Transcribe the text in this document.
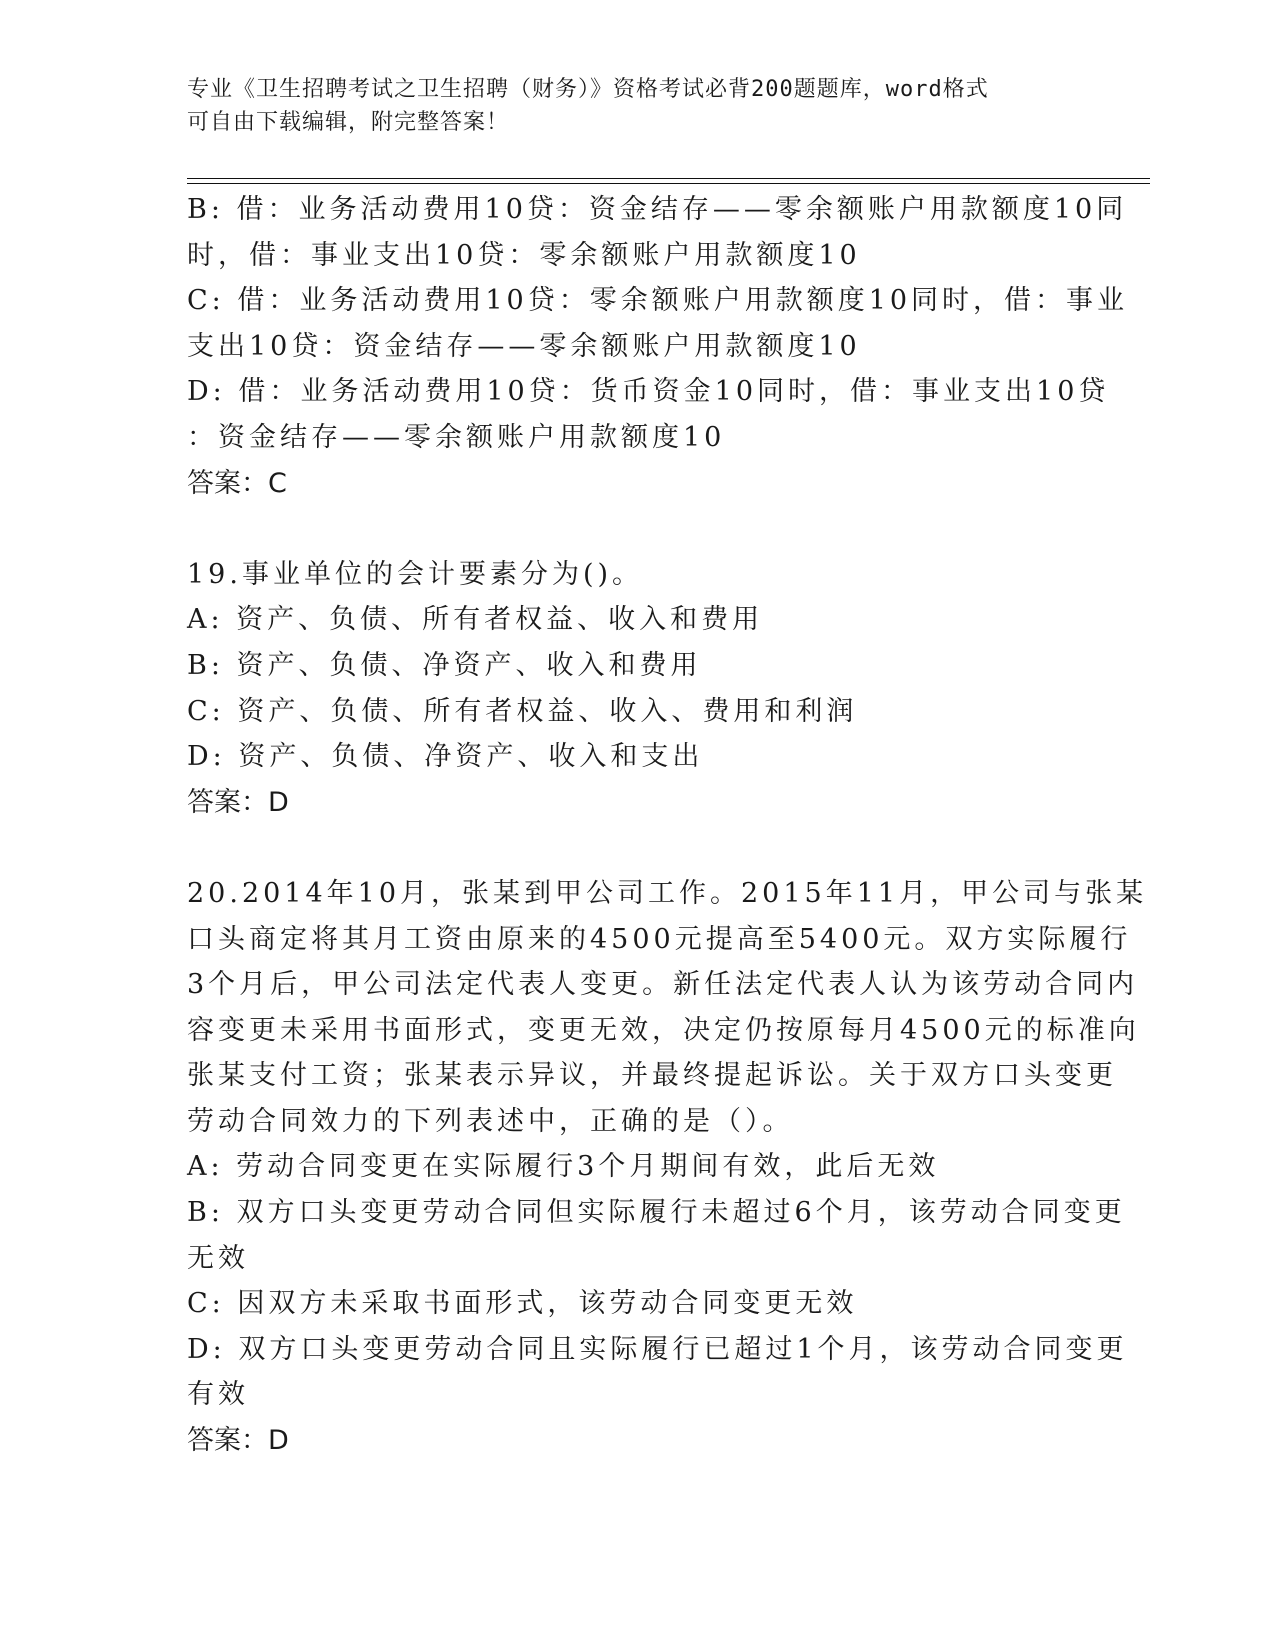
专业《卫生招聘考试之卫生招聘（财务）》资格考试必背200题题库，word格式
可自由下载编辑，附完整答案！
B: 借：业务活动费用10贷：资金结存——零余额账户用款额度10同
时，借：事业支出10贷：零余额账户用款额度10
C: 借：业务活动费用10贷：零余额账户用款额度10同时，借：事业
支出10贷：资金结存——零余额账户用款额度10
D: 借：业务活动费用10贷：货币资金10同时，借：事业支出10贷
：资金结存——零余额账户用款额度10
答案：C
19.事业单位的会计要素分为()。
A: 资产、负债、所有者权益、收入和费用
B: 资产、负债、净资产、收入和费用
C: 资产、负债、所有者权益、收入、费用和利润
D: 资产、负债、净资产、收入和支出
答案：D
20.2014年10月，张某到甲公司工作。2015年11月，甲公司与张某
口头商定将其月工资由原来的4500元提高至5400元。双方实际履行
3个月后，甲公司法定代表人变更。新任法定代表人认为该劳动合同内
容变更未采用书面形式，变更无效，决定仍按原每月4500元的标准向
张某支付工资；张某表示异议，并最终提起诉讼。关于双方口头变更
劳动合同效力的下列表述中，正确的是（）。
A: 劳动合同变更在实际履行3个月期间有效，此后无效
B: 双方口头变更劳动合同但实际履行未超过6个月，该劳动合同变更
无效
C: 因双方未采取书面形式，该劳动合同变更无效
D: 双方口头变更劳动合同且实际履行已超过1个月，该劳动合同变更
有效
答案：D
